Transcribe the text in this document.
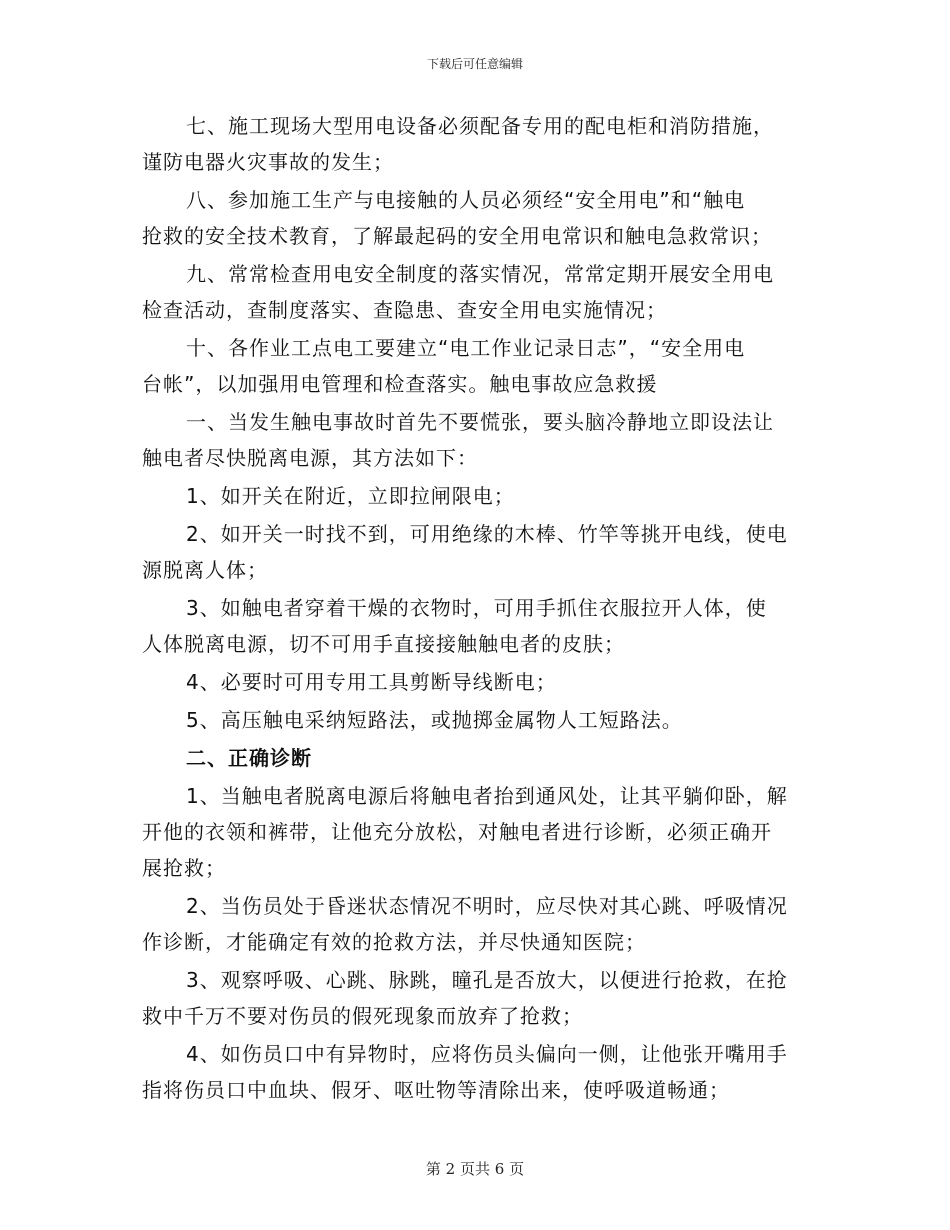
下载后可任意编辑
七、施工现场大型用电设备必须配备专用的配电柜和消防措施，
谨防电器火灾事故的发生；
八、参加施工生产与电接触的人员必须经“安全用电”和“触电
抢救的安全技术教育，了解最起码的安全用电常识和触电急救常识；
九、常常检查用电安全制度的落实情况，常常定期开展安全用电
检查活动，查制度落实、查隐患、查安全用电实施情况；
十、各作业工点电工要建立“电工作业记录日志”，“安全用电
台帐”，以加强用电管理和检查落实。触电事故应急救援
一、当发生触电事故时首先不要慌张，要头脑冷静地立即设法让
触电者尽快脱离电源，其方法如下：
1、如开关在附近，立即拉闸限电；
2、如开关一时找不到，可用绝缘的木棒、竹竿等挑开电线，使电
源脱离人体；
3、如触电者穿着干燥的衣物时，可用手抓住衣服拉开人体，使
人体脱离电源，切不可用手直接接触触电者的皮肤；
4、必要时可用专用工具剪断导线断电；
5、高压触电采纳短路法，或抛掷金属物人工短路法。
二、正确诊断
1、当触电者脱离电源后将触电者抬到通风处，让其平躺仰卧，解
开他的衣领和裤带，让他充分放松，对触电者进行诊断，必须正确开
展抢救；
2、当伤员处于昏迷状态情况不明时，应尽快对其心跳、呼吸情况
作诊断，才能确定有效的抢救方法，并尽快通知医院；
3、观察呼吸、心跳、脉跳，瞳孔是否放大，以便进行抢救，在抢
救中千万不要对伤员的假死现象而放弃了抢救；
4、如伤员口中有异物时，应将伤员头偏向一侧，让他张开嘴用手
指将伤员口中血块、假牙、呕吐物等清除出来，使呼吸道畅通；
第 2 页共 6 页
